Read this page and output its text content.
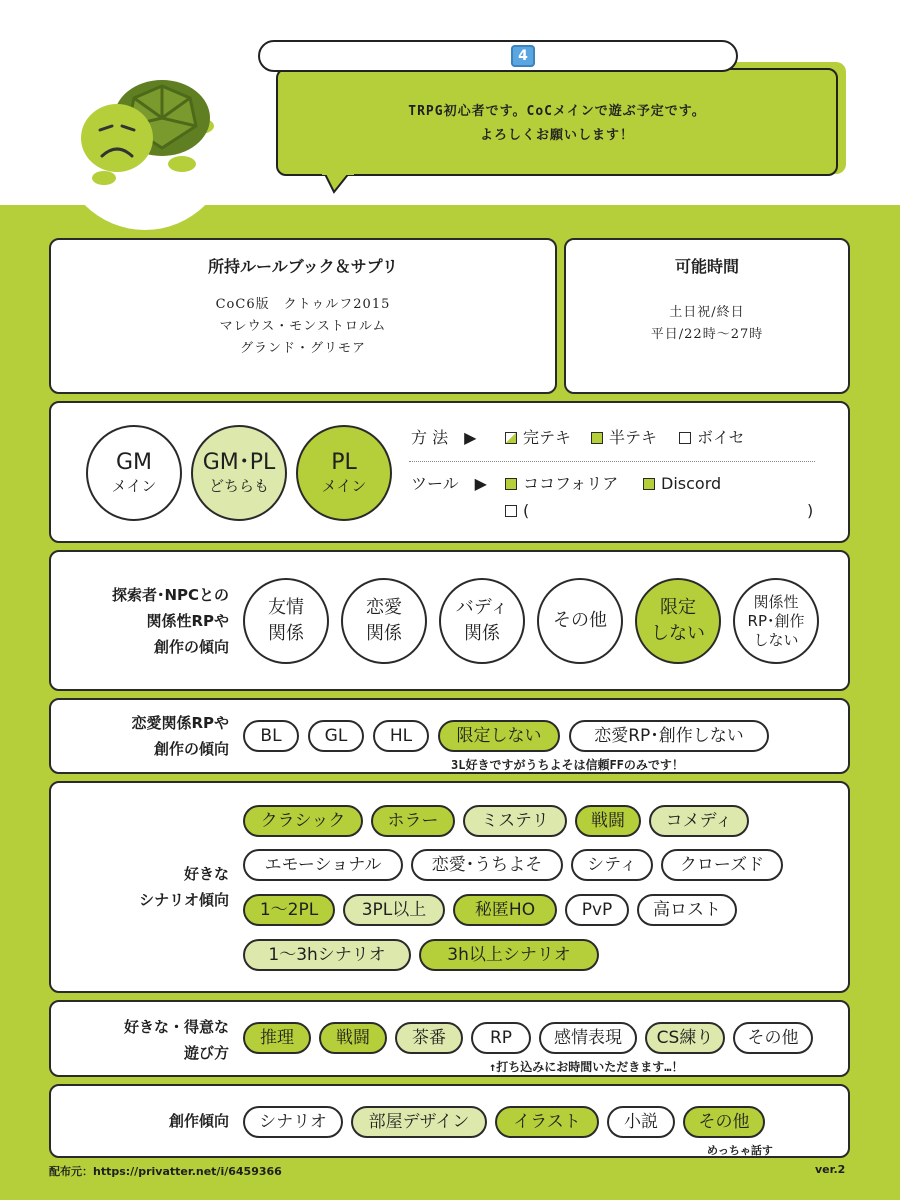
4
TRPG初心者です。CoCメインで遊ぶ予定です。
よろしくお願いします！
所持ルールブック＆サプリ
CoC6版　クトゥルフ2015
マレウス・モンストロルム
グランド・グリモア
可能時間
土日祝/終日
平日/22時〜27時
GM
メイン
GM･PL
どちらも
PL
メイン
方 法　▶	完テキ	半テキ	ボイセ
ツール　▶	ココフォリア	Discord
(	)
探索者･NPCとの
関係性RPや
創作の傾向
友情
関係
恋愛
関係
バディ
関係
その他
限定
しない
関係性
RP･創作
しない
恋愛関係RPや
創作の傾向
BL	GL	HL	限定しない	恋愛RP･創作しない
3L好きですがうちよそは信頼FFのみです！
好きな
シナリオ傾向
クラシック	ホラー	ミステリ	戦闘	コメディ
エモーショナル	恋愛･うちよそ	シティ	クローズド
1〜2PL	3PL以上	秘匿HO	PvP	高ロスト
1〜3hシナリオ	3h以上シナリオ
好きな・得意な
遊び方
推理	戦闘	茶番	RP	感情表現	CS練り	その他
↑打ち込みにお時間いただきます…！
創作傾向	シナリオ	部屋デザイン	イラスト	小説	その他
めっちゃ話す
配布元：https://privatter.net/i/6459366	ver.2
